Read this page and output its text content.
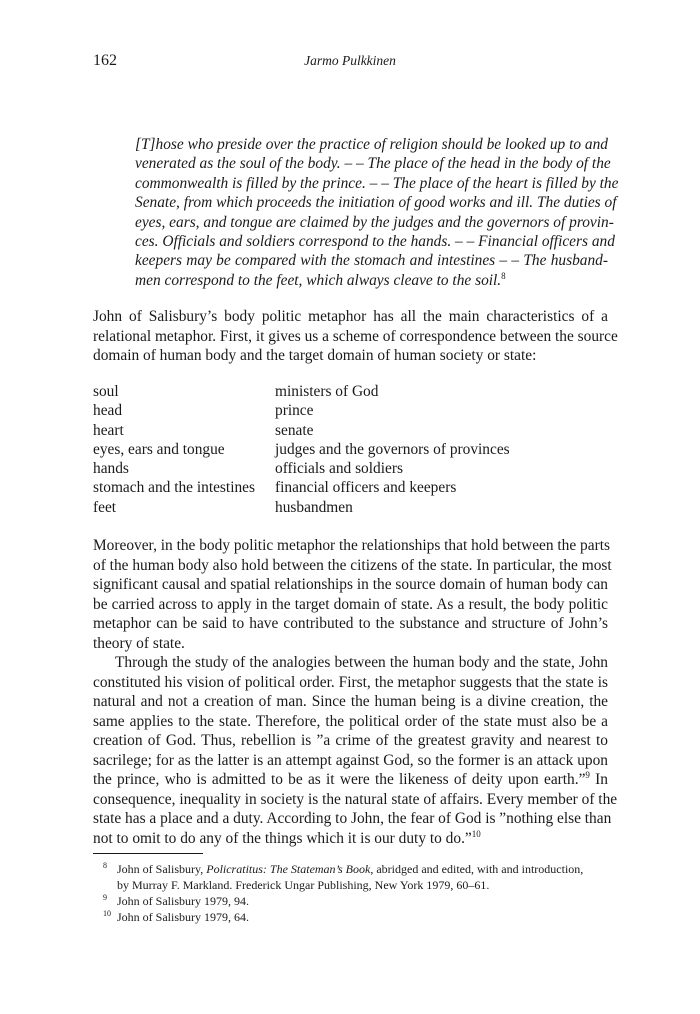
162	Jarmo Pulkkinen
[T]hose who preside over the practice of religion should be looked up to and
venerated as the soul of the body. – – The place of the head in the body of the
commonwealth is filled by the prince. – – The place of the heart is filled by the
Senate, from which proceeds the initiation of good works and ill. The duties of
eyes, ears, and tongue are claimed by the judges and the governors of provin-
ces. Officials and soldiers correspond to the hands. – – Financial officers and
keepers may be compared with the stomach and intestines – – The husband-
men correspond to the feet, which always cleave to the soil.$^8$
John of Salisbury’s body politic metaphor has all the main characteristics of a
relational metaphor. First, it gives us a scheme of correspondence between the source
domain of human body and the target domain of human society or state:
soul	ministers of God
head	prince
heart	senate
eyes, ears and tongue	judges and the governors of provinces
hands	officials and soldiers
stomach and the intestines	financial officers and keepers
feet	husbandmen
Moreover, in the body politic metaphor the relationships that hold between the parts
of the human body also hold between the citizens of the state. In particular, the most
significant causal and spatial relationships in the source domain of human body can
be carried across to apply in the target domain of state. As a result, the body politic
metaphor can be said to have contributed to the substance and structure of John’s
theory of state.
Through the study of the analogies between the human body and the state, John
constituted his vision of political order. First, the metaphor suggests that the state is
natural and not a creation of man. Since the human being is a divine creation, the
same applies to the state. Therefore, the political order of the state must also be a
creation of God. Thus, rebellion is ”a crime of the greatest gravity and nearest to
sacrilege; for as the latter is an attempt against God, so the former is an attack upon
the prince, who is admitted to be as it were the likeness of deity upon earth.”$^9$ In
consequence, inequality in society is the natural state of affairs. Every member of the
state has a place and a duty. According to John, the fear of God is ”nothing else than
not to omit to do any of the things which it is our duty to do.”$^{10}$
8 John of Salisbury, Policratitus: The Stateman’s Book, abridged and edited, with and introduction,
by Murray F. Markland. Frederick Ungar Publishing, New York 1979, 60–61.
9 John of Salisbury 1979, 94.
10 John of Salisbury 1979, 64.
